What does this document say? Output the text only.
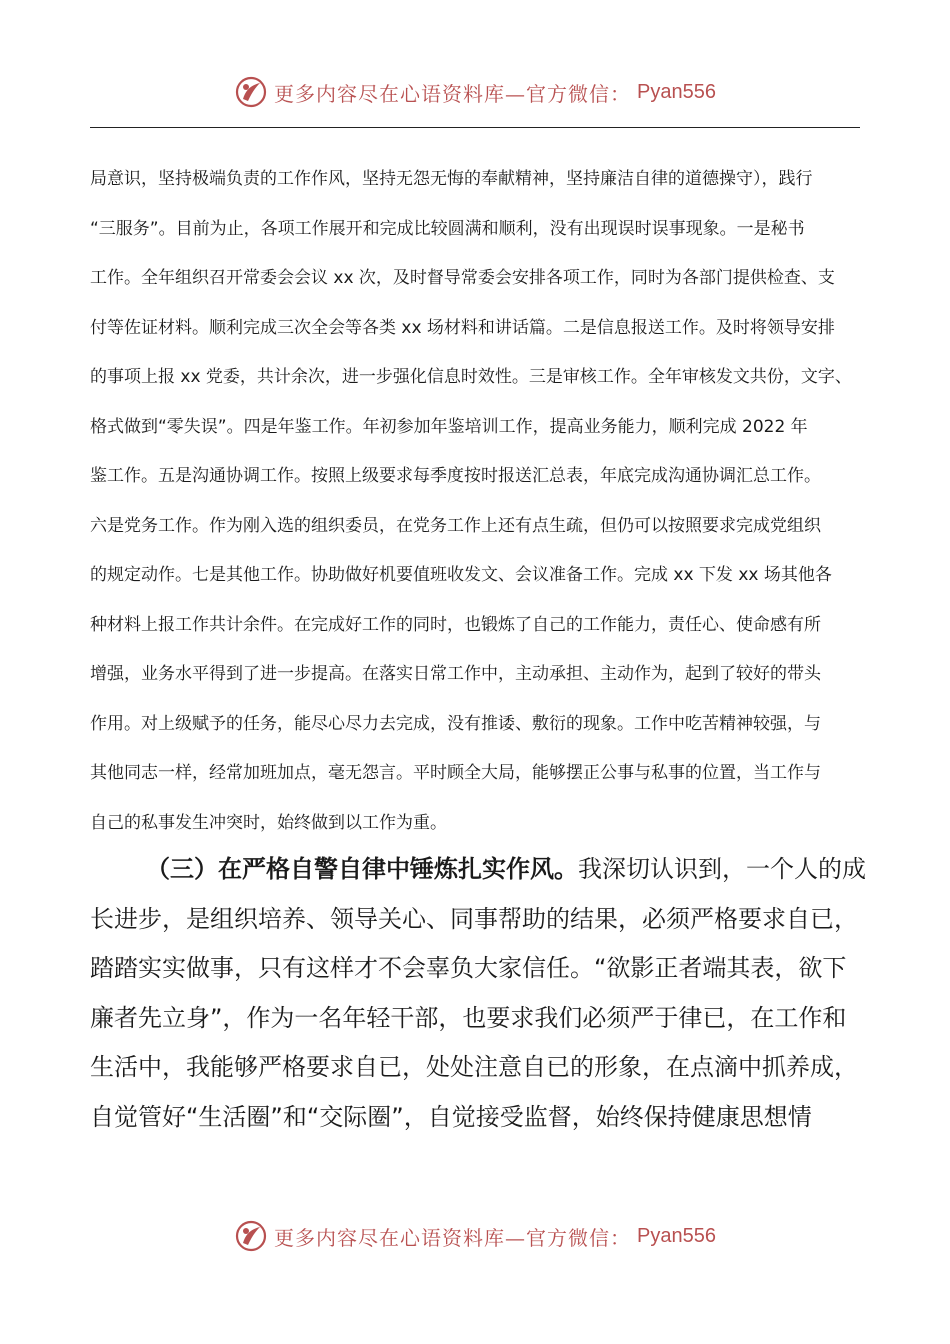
更多内容尽在心语资料库—官方微信： Pyan556
局意识，坚持极端负责的工作作风，坚持无怨无悔的奉献精神，坚持廉洁自律的道德操守），践行
“三服务”。目前为止，各项工作展开和完成比较圆满和顺利，没有出现误时误事现象。一是秘书
工作。全年组织召开常委会会议 xx 次，及时督导常委会安排各项工作，同时为各部门提供检查、支
付等佐证材料。顺利完成三次全会等各类 xx 场材料和讲话篇。二是信息报送工作。及时将领导安排
的事项上报 xx 党委，共计余次，进一步强化信息时效性。三是审核工作。全年审核发文共份，文字、
格式做到“零失误”。四是年鉴工作。年初参加年鉴培训工作，提高业务能力，顺利完成 2022 年
鉴工作。五是沟通协调工作。按照上级要求每季度按时报送汇总表，年底完成沟通协调汇总工作。
六是党务工作。作为刚入选的组织委员，在党务工作上还有点生疏，但仍可以按照要求完成党组织
的规定动作。七是其他工作。协助做好机要值班收发文、会议准备工作。完成 xx 下发 xx 场其他各
种材料上报工作共计余件。在完成好工作的同时，也锻炼了自己的工作能力，责任心、使命感有所
增强，业务水平得到了进一步提高。在落实日常工作中，主动承担、主动作为，起到了较好的带头
作用。对上级赋予的任务，能尽心尽力去完成，没有推诿、敷衍的现象。工作中吃苦精神较强，与
其他同志一样，经常加班加点，毫无怨言。平时顾全大局，能够摆正公事与私事的位置，当工作与
自己的私事发生冲突时，始终做到以工作为重。
（三）在严格自警自律中锤炼扎实作风。我深切认识到，一个人的成
长进步，是组织培养、领导关心、同事帮助的结果，必须严格要求自已，
踏踏实实做事，只有这样才不会辜负大家信任。“欲影正者端其表，欲下
廉者先立身”，作为一名年轻干部，也要求我们必须严于律已，在工作和
生活中，我能够严格要求自已，处处注意自已的形象，在点滴中抓养成，
自觉管好“生活圈”和“交际圈”，自觉接受监督，始终保持健康思想情
更多内容尽在心语资料库—官方微信： Pyan556
